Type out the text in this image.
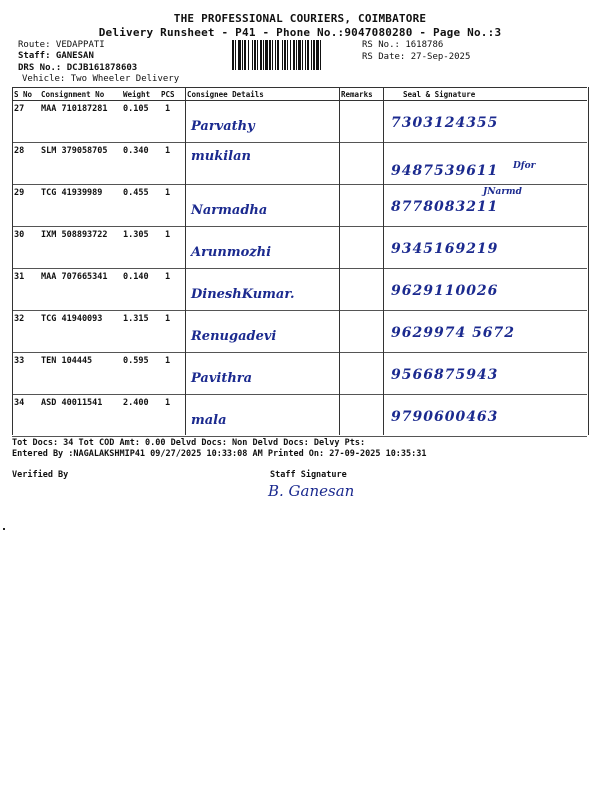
THE PROFESSIONAL COURIERS, COIMBATORE
Delivery Runsheet - P41 - Phone No.:9047080280 - Page No.:3
Route: VEDAPPATI
Staff: GANESAN
DRS No.: DCJB161878603
Vehicle: Two Wheeler Delivery
RS No.: 1618786
RS Date: 27-Sep-2025
S No	Consignment No	Weight	PCS	Consignee Details	Remarks	Seal & Signature
27	MAA 710187281	0.105	1	Parvathy		7303124355

28	SLM 379058705	0.340	1	mukilan		9487539611 Dfor

29	TCG 41939989	0.455	1	Narmadha		8778083211
JNarmd

30	IXM 508893722	1.305	1	Arunmozhi		9345169219

31	MAA 707665341	0.140	1	DineshKumar.		9629110026

32	TCG 41940093	1.315	1	Renugadevi		9629974 5672

33	TEN 104445	0.595	1	Pavithra		9566875943

34	ASD 40011541	2.400	1	mala		9790600463
Tot Docs: 34 Tot COD Amt: 0.00 Delvd Docs: Non Delvd Docs: Delvy Pts:
Entered By :NAGALAKSHMIP41 09/27/2025 10:33:08 AM Printed On: 27-09-2025 10:35:31
Verified By	Staff Signature
B. Ganesan
